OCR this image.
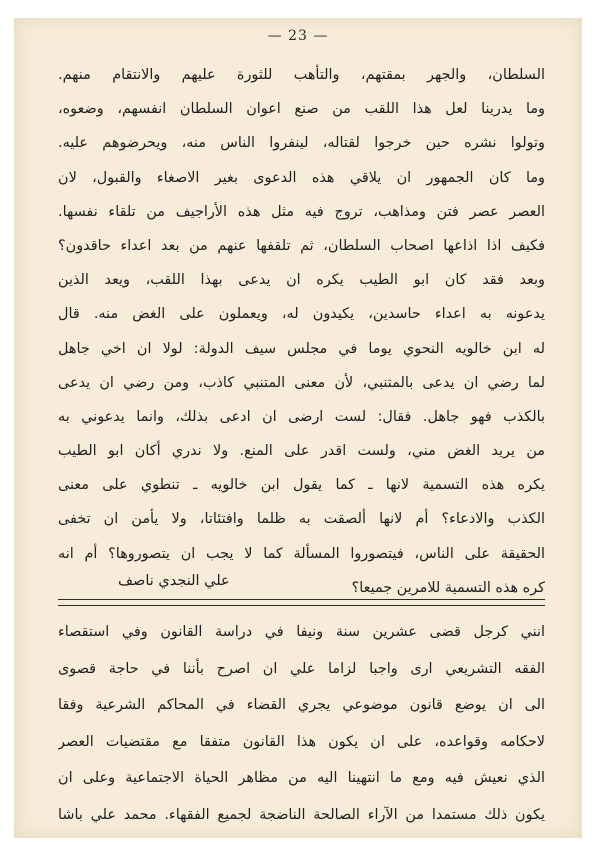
— 23 —
السلطان، والجهر بمقتهم، والتأهب للثورة عليهم والانتقام منهم.
وما يدرينا لعل هذا اللقب من صنع اعوان السلطان انفسهم، وضعوه،
وتولوا نشره حين خرجوا لقتاله، لينفروا الناس منه، ويحرضوهم عليه.
وما كان الجمهور ان يلاقي هذه الدعوى بغير الاصغاء والقبول، لان
العصر عصر فتن ومذاهب، تروج فيه مثل هذه الأراجيف من تلقاء نفسها.
فكيف اذا اذاعها اصحاب السلطان، ثم تلقفها عنهم من بعد اعداء حاقدون؟
وبعد فقد كان ابو الطيب يكره ان يدعى بهذا اللقب، ويعد الذين
يدعونه به اعداء حاسدين، يكيدون له، ويعملون على الغض منه. قال
له ابن خالويه النحوي يوما في مجلس سيف الدولة: لولا ان اخي جاهل
لما رضي ان يدعى بالمتنبي، لأن معنى المتنبي كاذب، ومن رضي ان يدعى
بالكذب فهو جاهل. فقال: لست ارضى ان ادعى بذلك، وانما يدعوني به
من يريد الغض مني، ولست اقدر على المنع. ولا ندري أكان ابو الطيب
يكره هذه التسمية لانها ـ كما يقول ابن خالويه ـ تنطوي على معنى
الكذب والادعاء؟ أم لانها ألصقت به ظلما وافتئاتا، ولا يأمن ان تخفى
الحقيقة على الناس، فيتصوروا المسألة كما لا يجب ان يتصوروها؟ أم انه
كره هذه التسمية للامرين جميعا؟
علي النجدي ناصف
انني كرجل قضى عشرين سنة ونيفا في دراسة القانون وفي استقصاء
الفقه التشريعي ارى واجبا لزاما علي ان اصرح بأننا في حاجة قصوى
الى ان يوضع قانون موضوعي يجري القضاء في المحاكم الشرعية وفقا
لاحكامه وقواعده، على ان يكون هذا القانون متفقا مع مقتضيات العصر
الذي نعيش فيه ومع ما انتهينا اليه من مظاهر الحياة الاجتماعية وعلى ان
يكون ذلك مستمدا من الآراء الصالحة الناضجة لجميع الفقهاء. محمد علي باشا
